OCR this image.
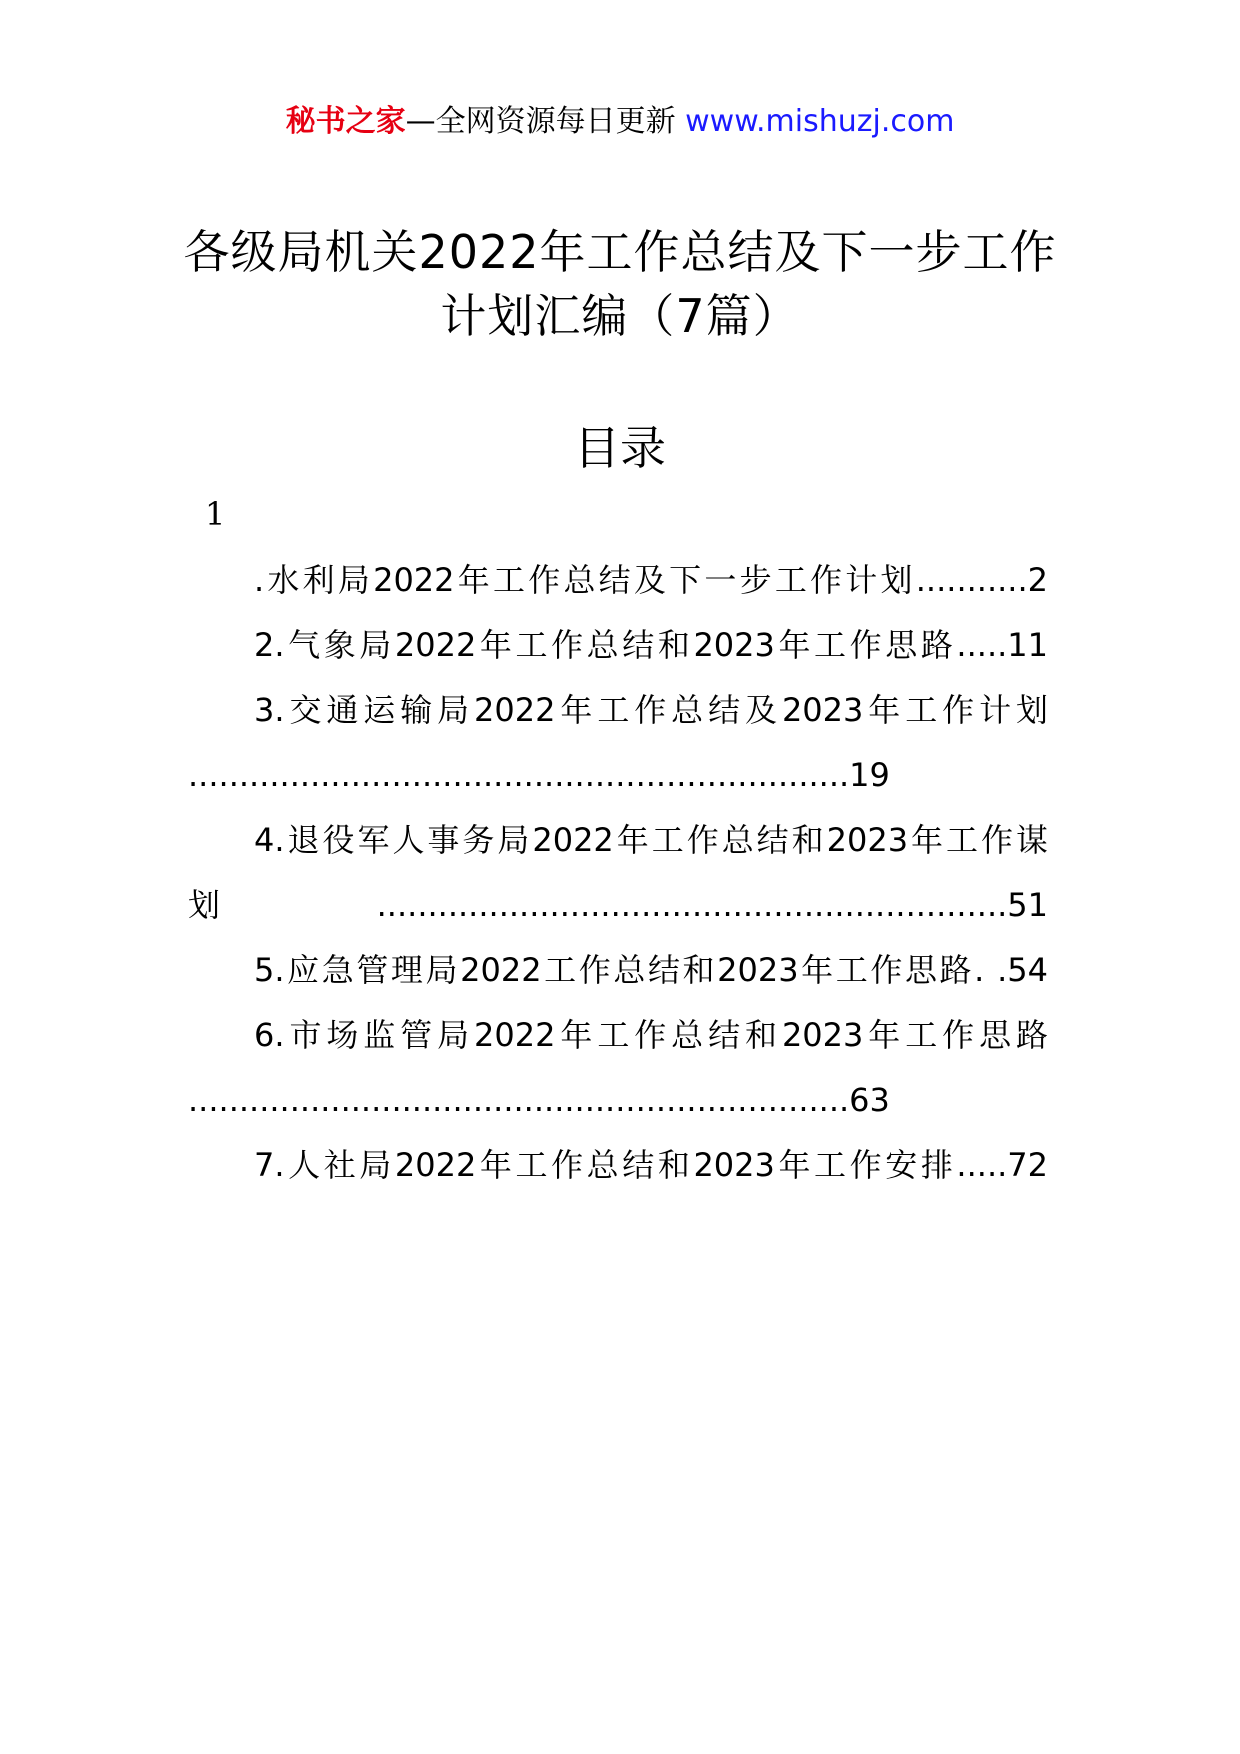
秘书之家—全网资源每日更新 www.mishuzj.com
各级局机关2022年工作总结及下一步工作计划汇编（7篇）
目录
1

.水利局2022年工作总结及下一步工作计划...........2

2.气象局2022年工作总结和2023年工作思路.....11

3.交通运输局2022年工作总结及2023年工作计划
.................................................................19

4.退役军人事务局2022年工作总结和2023年工作谋
划..............................................................51

5.应急管理局2022工作总结和2023年工作思路. .54

6.市场监管局2022年工作总结和2023年工作思路
.................................................................63

7.人社局2022年工作总结和2023年工作安排.....72
